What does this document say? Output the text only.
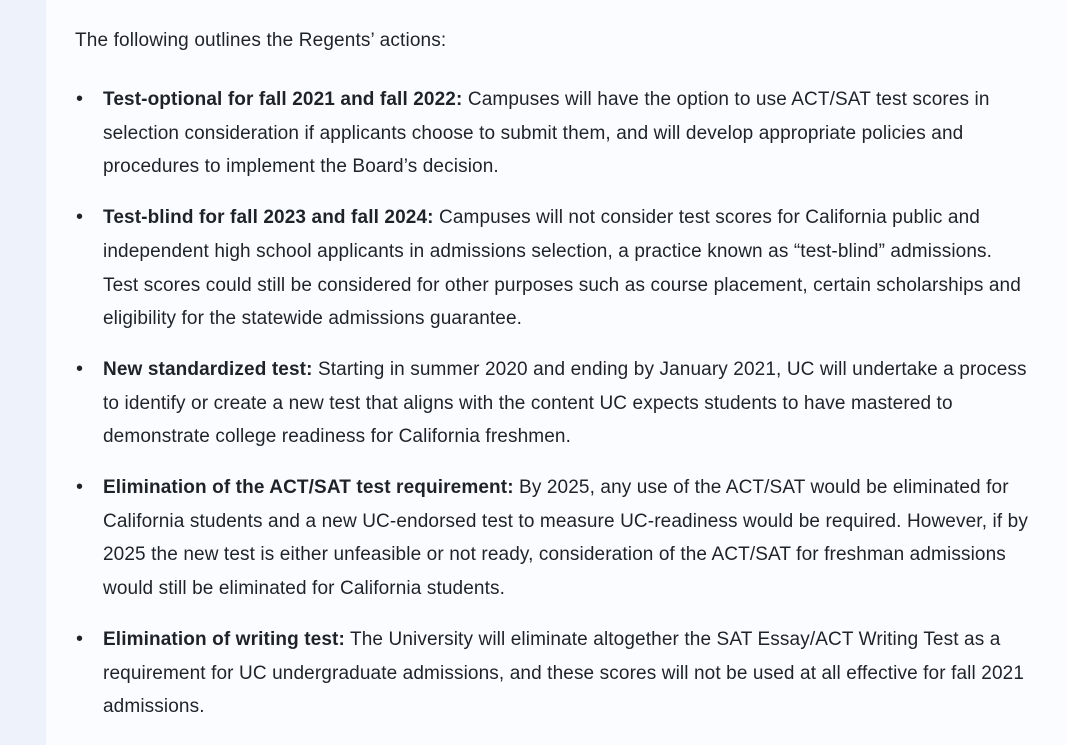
The following outlines the Regents’ actions:

•	Test-optional for fall 2021 and fall 2022: Campuses will have the option to use ACT/SAT test scores in selection consideration if applicants choose to submit them, and will develop appropriate policies and procedures to implement the Board’s decision.
•	Test-blind for fall 2023 and fall 2024: Campuses will not consider test scores for California public and independent high school applicants in admissions selection, a practice known as “test-blind” admissions. Test scores could still be considered for other purposes such as course placement, certain scholarships and eligibility for the statewide admissions guarantee.
•	New standardized test: Starting in summer 2020 and ending by January 2021, UC will undertake a process to identify or create a new test that aligns with the content UC expects students to have mastered to demonstrate college readiness for California freshmen.
•	Elimination of the ACT/SAT test requirement: By 2025, any use of the ACT/SAT would be eliminated for California students and a new UC-endorsed test to measure UC-readiness would be required. However, if by 2025 the new test is either unfeasible or not ready, consideration of the ACT/SAT for freshman admissions would still be eliminated for California students.
•	Elimination of writing test: The University will eliminate altogether the SAT Essay/ACT Writing Test as a requirement for UC undergraduate admissions, and these scores will not be used at all effective for fall 2021 admissions.
